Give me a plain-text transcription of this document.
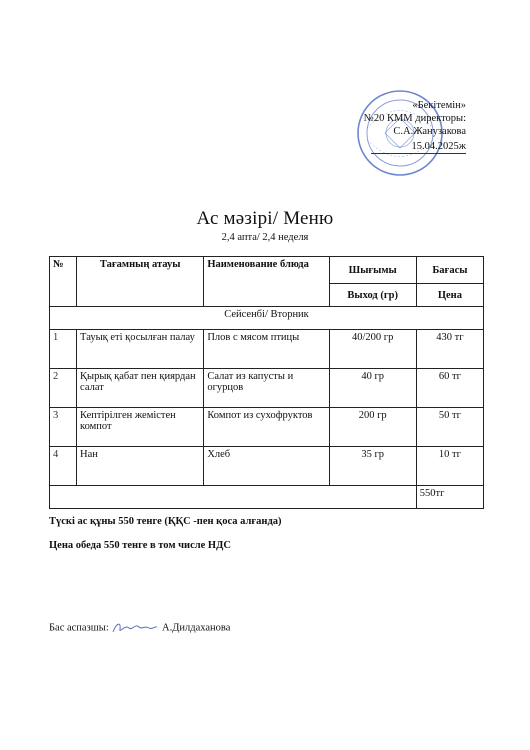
«Бекітемін»
№20 КММ директоры:
С.А.Жанузакова
15.04.2025ж
Ас мәзірі/ Меню
2,4 апта/ 2,4 неделя
№	Тағамның атауы	Наименование блюда	Шығымы	Бағасы
			Выход (гр)	Цена
Сейсенбі/ Вторник				
1	Тауық еті қосылған палау	Плов с мясом птицы	40/200 гр	430 тг
2	Қырық қабат пен қиярдан салат	Салат из капусты и огурцов	40 гр	60 тг
3	Кептірілген жемістен компот	Компот из сухофруктов	200 гр	50 тг
4	Нан	Хлеб	35 гр	10 тг
				550тг
Түскі ас құны 550 тенге (ҚҚС -пен қоса алғанда)
Цена обеда 550 тенге в том числе НДС
Бас аспазшы:	А.Дилдаханова
